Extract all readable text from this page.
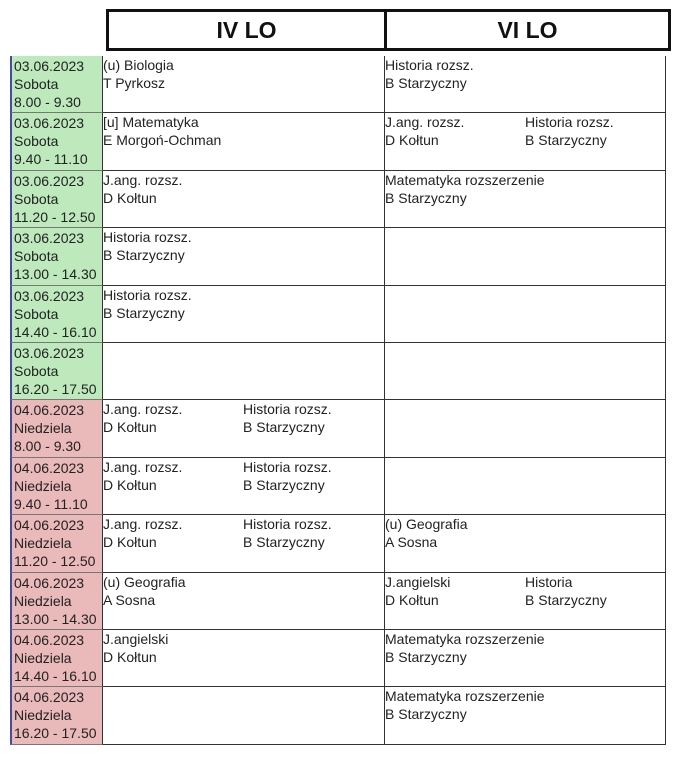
IV LO	VI LO
03.06.2023
Sobota
8.00 - 9.30
(u) Biologia
T Pyrkosz
Historia rozsz.
B Starzyczny
03.06.2023
Sobota
9.40 - 11.10
[u] Matematyka
E Morgoń-Ochman
J.ang. rozsz.
D Kołtun
Historia rozsz.
B Starzyczny
03.06.2023
Sobota
11.20 - 12.50
J.ang. rozsz.
D Kołtun
Matematyka rozszerzenie
B Starzyczny
03.06.2023
Sobota
13.00 - 14.30
Historia rozsz.
B Starzyczny
03.06.2023
Sobota
14.40 - 16.10
Historia rozsz.
B Starzyczny
03.06.2023
Sobota
16.20 - 17.50
04.06.2023
Niedziela
8.00 - 9.30
J.ang. rozsz.
D Kołtun
Historia rozsz.
B Starzyczny
04.06.2023
Niedziela
9.40 - 11.10
J.ang. rozsz.
D Kołtun
Historia rozsz.
B Starzyczny
04.06.2023
Niedziela
11.20 - 12.50
J.ang. rozsz.
D Kołtun
Historia rozsz.
B Starzyczny
(u) Geografia
A Sosna
04.06.2023
Niedziela
13.00 - 14.30
(u) Geografia
A Sosna
J.angielski
D Kołtun
Historia
B Starzyczny
04.06.2023
Niedziela
14.40 - 16.10
J.angielski
D Kołtun
Matematyka rozszerzenie
B Starzyczny
04.06.2023
Niedziela
16.20 - 17.50
Matematyka rozszerzenie
B Starzyczny
